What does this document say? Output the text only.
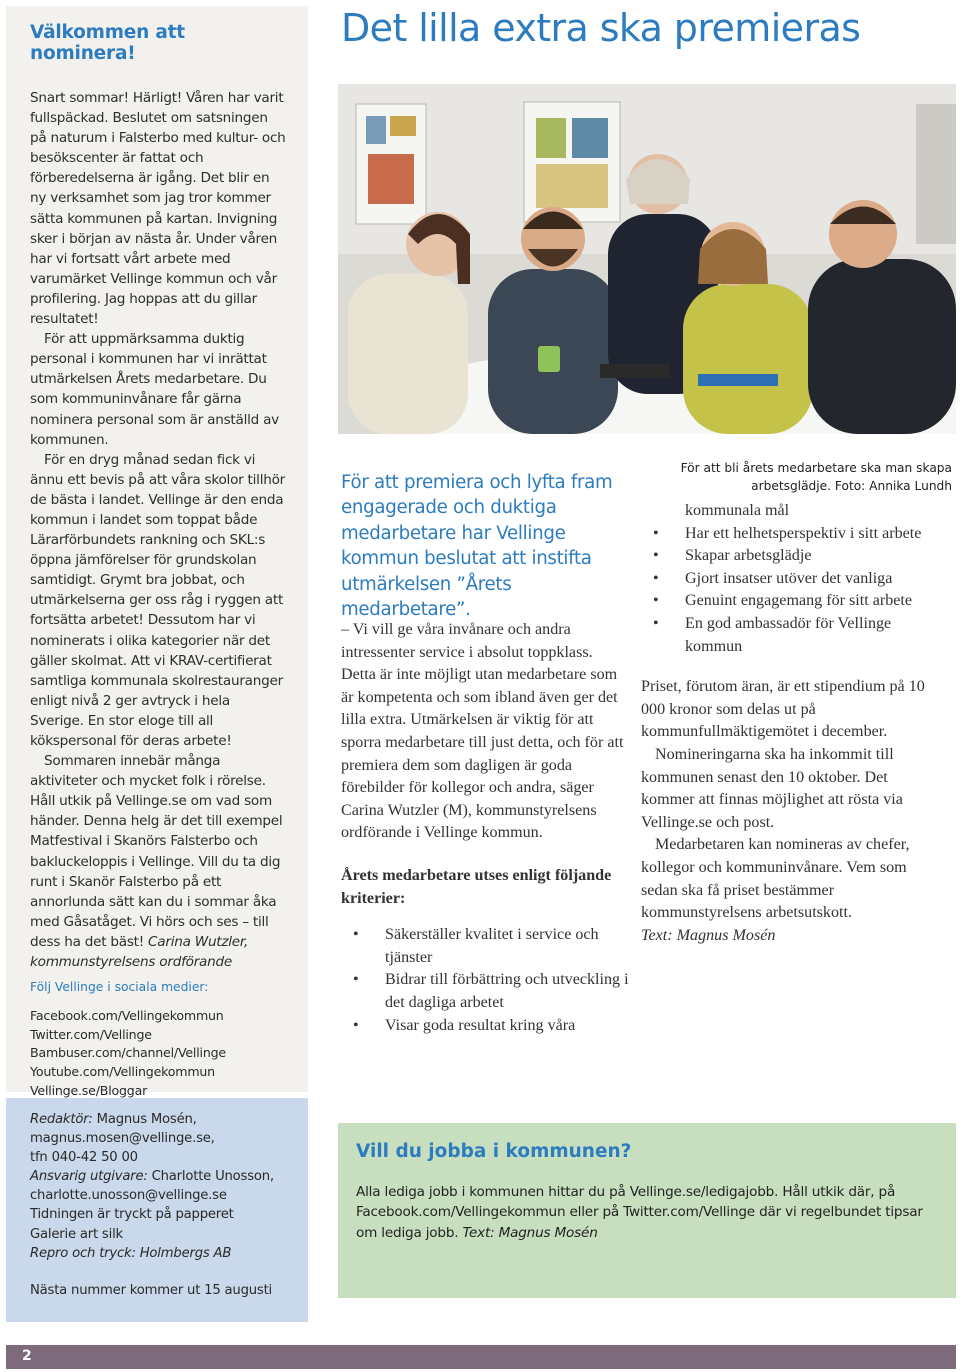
Välkommen att nominera!

Snart sommar! Härligt! Våren har varit fullspäckad. Beslutet om satsningen på naturum i Falsterbo med kultur- och besökscenter är fattat och förberedelserna är igång. Det blir en ny verksamhet som jag tror kommer sätta kommunen på kartan. Invigning sker i början av nästa år. Under våren har vi fortsatt vårt arbete med varumärket Vellinge kommun och vår profilering. Jag hoppas att du gillar resultatet!

För att uppmärksamma duktig personal i kommunen har vi inrättat utmärkelsen Årets medarbetare. Du som kommuninvånare får gärna nominera personal som är anställd av kommunen.

För en dryg månad sedan fick vi ännu ett bevis på att våra skolor tillhör de bästa i landet. Vellinge är den enda kommun i landet som toppat både Lärarförbundets rankning och SKL:s öppna jämförelser för grundskolan samtidigt. Grymt bra jobbat, och utmärkelserna ger oss råg i ryggen att fortsätta arbetet! Dessutom har vi nominerats i olika kategorier när det gäller skolmat. Att vi KRAV-certifierat samtliga kommunala skolrestauranger enligt nivå 2 ger avtryck i hela Sverige. En stor eloge till all kökspersonal för deras arbete!

Sommaren innebär många aktiviteter och mycket folk i rörelse. Håll utkik på Vellinge.se om vad som händer. Denna helg är det till exempel Matfestival i Skanörs Falsterbo och bakluckeloppis i Vellinge. Vill du ta dig runt i Skanör Falsterbo på ett annorlunda sätt kan du i sommar åka med Gåsatåget. Vi hörs och ses – till dess ha det bäst! Carina Wutzler, kommunstyrelsens ordförande

Följ Vellinge i sociala medier:
Facebook.com/Vellingekommun
Twitter.com/Vellinge
Bambuser.com/channel/Vellinge
Youtube.com/Vellingekommun
Vellinge.se/Bloggar
Redaktör: Magnus Mosén,
magnus.mosen@vellinge.se,
tfn 040-42 50 00
Ansvarig utgivare: Charlotte Unosson,
charlotte.unosson@vellinge.se
Tidningen är tryckt på papperet
Galerie art silk
Repro och tryck: Holmbergs AB
Nästa nummer kommer ut 15 augusti
Det lilla extra ska premieras
För att bli årets medarbetare ska man skapa arbetsglädje. Foto: Annika Lundh
För att premiera och lyfta fram engagerade och duktiga medarbetare har Vellinge kommun beslutat att instifta utmärkelsen ”Årets medarbetare”.

– Vi vill ge våra invånare och andra intressenter service i absolut toppklass. Detta är inte möjligt utan medarbetare som är kompetenta och som ibland även ger det lilla extra. Utmärkelsen är viktig för att sporra medarbetare till just detta, och för att premiera dem som dagligen är goda förebilder för kollegor och andra, säger Carina Wutzler (M), kommunstyrelsens ordförande i Vellinge kommun.

Årets medarbetare utses enligt följande kriterier:

• Säkerställer kvalitet i service och tjänster
• Bidrar till förbättring och utveckling i det dagliga arbetet
• Visar goda resultat kring våra
kommunala mål
• Har ett helhetsperspektiv i sitt arbete
• Skapar arbetsglädje
• Gjort insatser utöver det vanliga
• Genuint engagemang för sitt arbete
• En god ambassadör för Vellinge kommun

Priset, förutom äran, är ett stipendium på 10 000 kronor som delas ut på kommunfullmäktigemötet i december.

Nomineringarna ska ha inkommit till kommunen senast den 10 oktober. Det kommer att finnas möjlighet att rösta via Vellinge.se och post.

Medarbetaren kan nomineras av chefer, kollegor och kommuninvånare. Vem som sedan ska få priset bestämmer kommunstyrelsens arbetsutskott.
Text: Magnus Mosén

Vill du jobba i kommunen?
Alla lediga jobb i kommunen hittar du på Vellinge.se/ledigajobb. Håll utkik där, på Facebook.com/Vellingekommun eller på Twitter.com/Vellinge där vi regelbundet tipsar om lediga jobb. Text: Magnus Mosén
2
